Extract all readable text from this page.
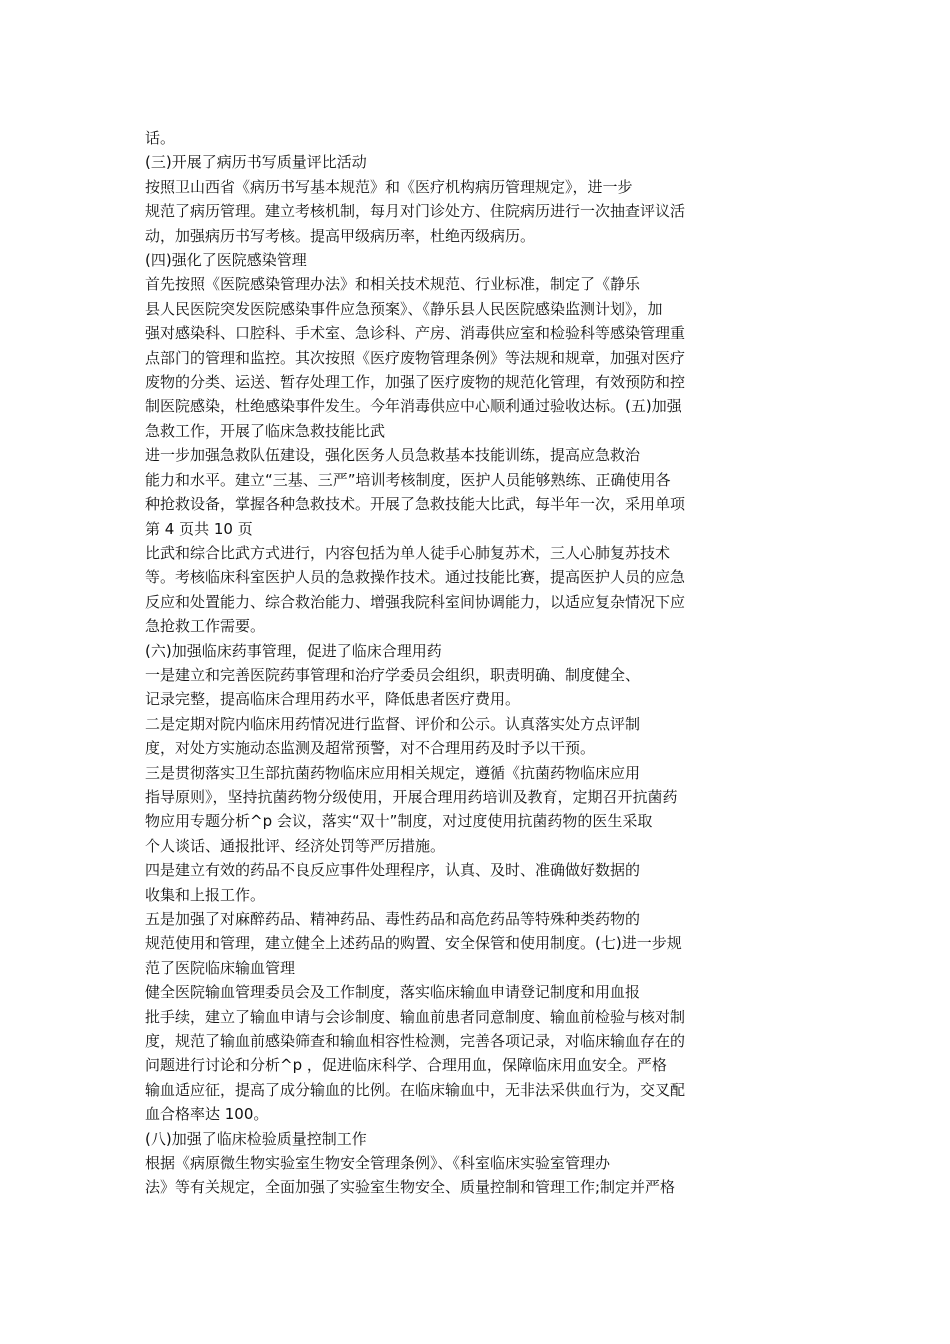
话。
(三)开展了病历书写质量评比活动
按照卫山西省《病历书写基本规范》和《医疗机构病历管理规定》，进一步
规范了病历管理。建立考核机制，每月对门诊处方、住院病历进行一次抽查评议活
动，加强病历书写考核。提高甲级病历率，杜绝丙级病历。
(四)强化了医院感染管理
首先按照《医院感染管理办法》和相关技术规范、行业标准，制定了《静乐
县人民医院突发医院感染事件应急预案》、《静乐县人民医院感染监测计划》，加
强对感染科、口腔科、手术室、急诊科、产房、消毒供应室和检验科等感染管理重
点部门的管理和监控。其次按照《医疗废物管理条例》等法规和规章，加强对医疗
废物的分类、运送、暂存处理工作，加强了医疗废物的规范化管理，有效预防和控
制医院感染，杜绝感染事件发生。今年消毒供应中心顺利通过验收达标。(五)加强
急救工作，开展了临床急救技能比武
进一步加强急救队伍建设，强化医务人员急救基本技能训练，提高应急救治
能力和水平。建立“三基、三严”培训考核制度，医护人员能够熟练、正确使用各
种抢救设备，掌握各种急救技术。开展了急救技能大比武，每半年一次，采用单项
第 4 页共 10 页
比武和综合比武方式进行，内容包括为单人徒手心肺复苏术，三人心肺复苏技术
等。考核临床科室医护人员的急救操作技术。通过技能比赛，提高医护人员的应急
反应和处置能力、综合救治能力、增强我院科室间协调能力，以适应复杂情况下应
急抢救工作需要。
(六)加强临床药事管理，促进了临床合理用药
一是建立和完善医院药事管理和治疗学委员会组织，职责明确、制度健全、
记录完整，提高临床合理用药水平，降低患者医疗费用。
二是定期对院内临床用药情况进行监督、评价和公示。认真落实处方点评制
度，对处方实施动态监测及超常预警，对不合理用药及时予以干预。
三是贯彻落实卫生部抗菌药物临床应用相关规定，遵循《抗菌药物临床应用
指导原则》，坚持抗菌药物分级使用，开展合理用药培训及教育，定期召开抗菌药
物应用专题分析^p 会议，落实“双十”制度，对过度使用抗菌药物的医生采取
个人谈话、通报批评、经济处罚等严厉措施。
四是建立有效的药品不良反应事件处理程序，认真、及时、准确做好数据的
收集和上报工作。
五是加强了对麻醉药品、精神药品、毒性药品和高危药品等特殊种类药物的
规范使用和管理，建立健全上述药品的购置、安全保管和使用制度。(七)进一步规
范了医院临床输血管理
健全医院输血管理委员会及工作制度，落实临床输血申请登记制度和用血报
批手续，建立了输血申请与会诊制度、输血前患者同意制度、输血前检验与核对制
度，规范了输血前感染筛查和输血相容性检测，完善各项记录，对临床输血存在的
问题进行讨论和分析^p ，促进临床科学、合理用血，保障临床用血安全。严格
输血适应征，提高了成分输血的比例。在临床输血中，无非法采供血行为，交叉配
血合格率达 100。
(八)加强了临床检验质量控制工作
根据《病原微生物实验室生物安全管理条例》、《科室临床实验室管理办
法》等有关规定，全面加强了实验室生物安全、质量控制和管理工作;制定并严格
